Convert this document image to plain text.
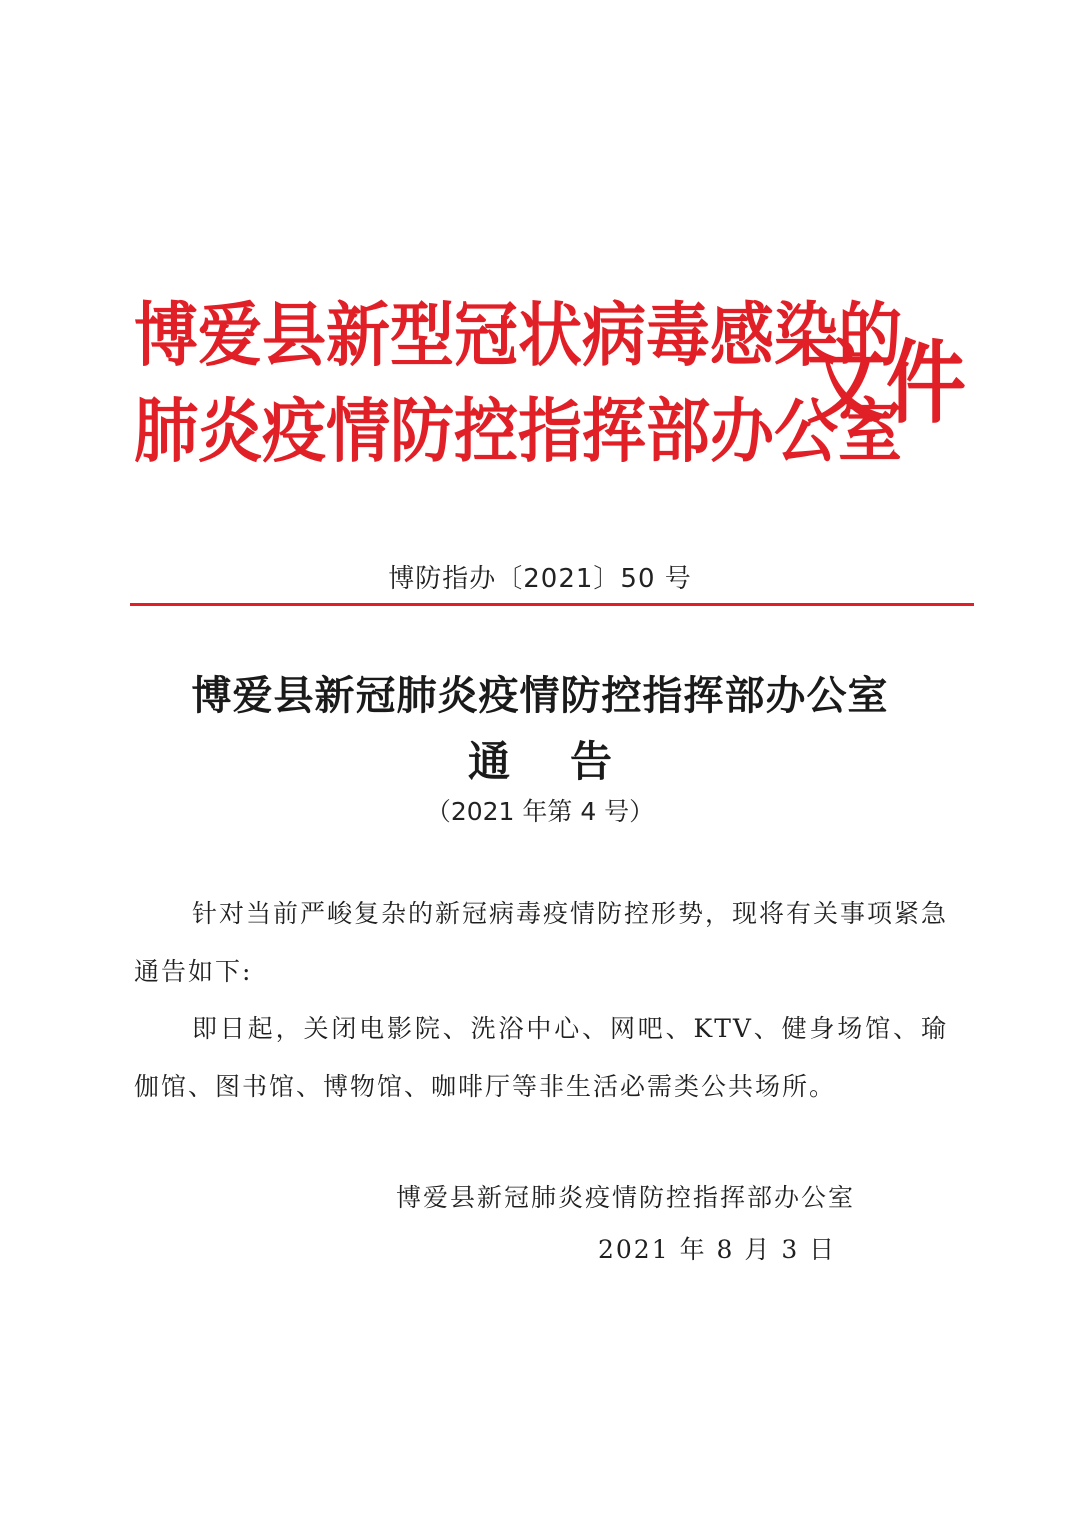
博爱县新型冠状病毒感染的
肺炎疫情防控指挥部办公室
文件
博防指办〔2021〕50 号
博爱县新冠肺炎疫情防控指挥部办公室
通告
（2021 年第 4 号）
针对当前严峻复杂的新冠病毒疫情防控形势，现将有关事项紧急通告如下:
即日起，关闭电影院、洗浴中心、网吧、KTV、健身场馆、瑜伽馆、图书馆、博物馆、咖啡厅等非生活必需类公共场所。
博爱县新冠肺炎疫情防控指挥部办公室
2021 年 8 月 3 日
